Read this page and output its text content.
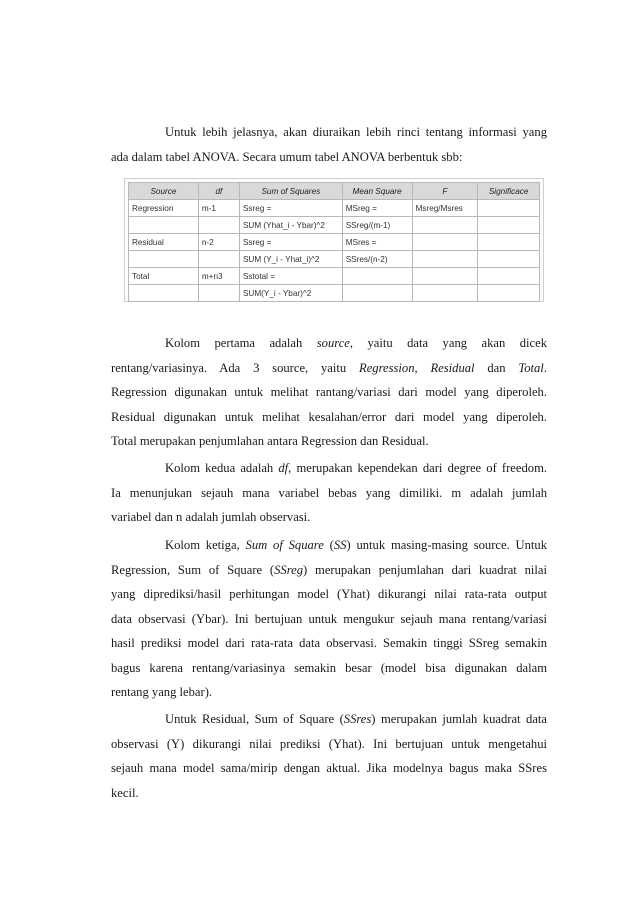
Untuk lebih jelasnya, akan diuraikan lebih rinci tentang informasi yang
ada dalam tabel ANOVA. Secara umum tabel ANOVA berbentuk sbb:

Source	df	Sum of Squares	Mean Square	F	Significace
Regression	m-1	Ssreg =	MSreg =	Msreg/Msres	
		SUM (Yhat_i - Ybar)^2	SSreg/(m-1)		
Residual	n-2	Ssreg =	MSres =		
		SUM (Y_i - Yhat_i)^2	SSres/(n-2)		
Total	m+n3	Sstotal =			
		SUM(Y_i - Ybar)^2			

Kolom pertama adalah source, yaitu data yang akan dicek
rentang/variasinya. Ada 3 source, yaitu Regression, Residual dan Total.
Regression digunakan untuk melihat rantang/variasi dari model yang diperoleh.
Residual digunakan untuk melihat kesalahan/error dari model yang diperoleh.
Total merupakan penjumlahan antara Regression dan Residual.

Kolom kedua adalah df, merupakan kependekan dari degree of freedom.
Ia menunjukan sejauh mana variabel bebas yang dimiliki. m adalah jumlah
variabel dan n adalah jumlah observasi.

Kolom ketiga, Sum of Square (SS) untuk masing-masing source. Untuk
Regression, Sum of Square (SSreg) merupakan penjumlahan dari kuadrat nilai
yang diprediksi/hasil perhitungan model (Yhat) dikurangi nilai rata-rata output
data observasi (Ybar). Ini bertujuan untuk mengukur sejauh mana rentang/variasi
hasil prediksi model dari rata-rata data observasi. Semakin tinggi SSreg semakin
bagus karena rentang/variasinya semakin besar (model bisa digunakan dalam
rentang yang lebar).

Untuk Residual, Sum of Square (SSres) merupakan jumlah kuadrat data
observasi (Y) dikurangi nilai prediksi (Yhat). Ini bertujuan untuk mengetahui
sejauh mana model sama/mirip dengan aktual. Jika modelnya bagus maka SSres
kecil.
